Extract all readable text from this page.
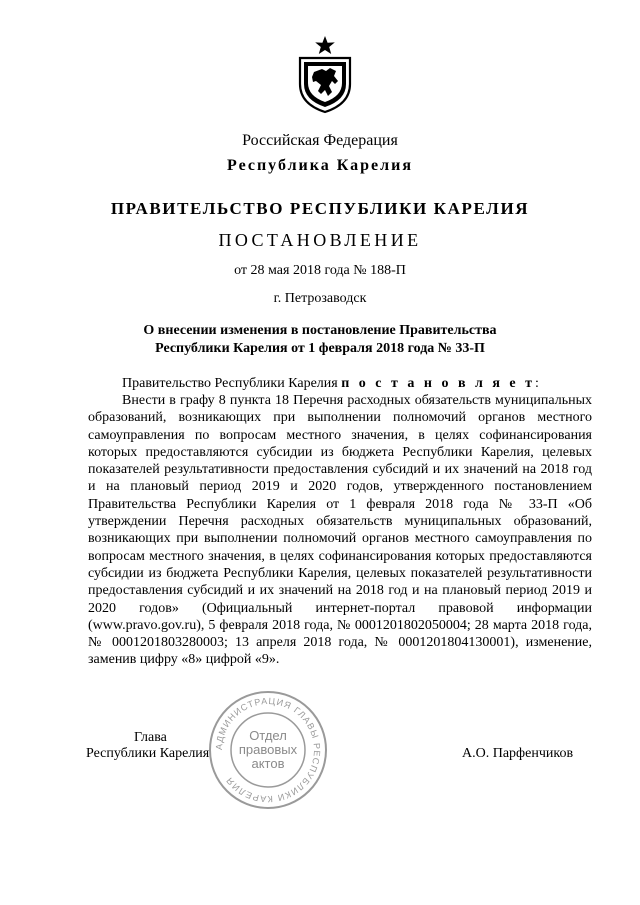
Российская Федерация
Республика Карелия
ПРАВИТЕЛЬСТВО РЕСПУБЛИКИ КАРЕЛИЯ
ПОСТАНОВЛЕНИЕ
от 28 мая 2018 года № 188-П
г. Петрозаводск
О внесении изменения в постановление Правительства
Республики Карелия от 1 февраля 2018 года № 33-П
Правительство Республики Карелия п о с т а н о в л я е т:
Внести в графу 8 пункта 18 Перечня расходных обязательств муниципальных образований, возникающих при выполнении полномочий органов местного самоуправления по вопросам местного значения, в целях софинансирования которых предоставляются субсидии из бюджета Республики Карелия, целевых показателей результативности предоставления субсидий и их значений на 2018 год и на плановый период 2019 и 2020 годов, утвержденного постановлением Правительства Республики Карелия от 1 февраля 2018 года № 33-П «Об утверждении Перечня расходных обязательств муниципальных образований, возникающих при выполнении полномочий органов местного самоуправления по вопросам местного значения, в целях софинансирования которых предоставляются субсидии из бюджета Республики Карелия, целевых показателей результативности предоставления субсидий и их значений на 2018 год и на плановый период 2019 и 2020 годов» (Официальный интернет-портал правовой информации (www.pravo.gov.ru), 5 февраля 2018 года, № 0001201802050004; 28 марта 2018 года, № 0001201803280003; 13 апреля 2018 года, № 0001201804130001), изменение, заменив цифру «8» цифрой «9».
Глава
Республики Карелия	А.О. Парфенчиков
АДМИНИСТРАЦИЯ ГЛАВЫ РЕСПУБЛИКИ КАРЕЛИЯ
Отдел правовых актов
